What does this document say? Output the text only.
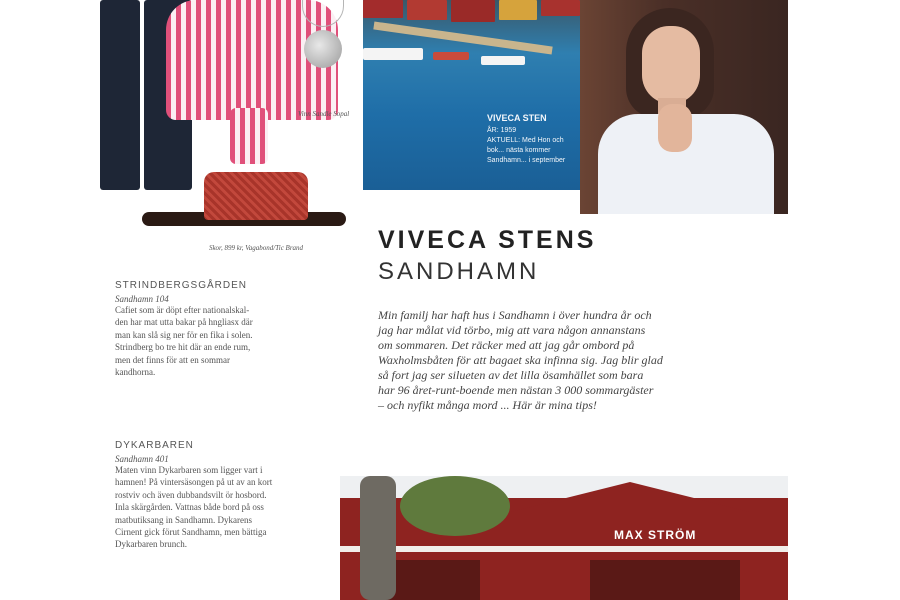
Vinn Sandle Sopal
Skor, 899 kr, Vagabond/Tic Brand
VIVECA STEN
ÅR: 1959
AKTUELL: Med Hon och
bok... nästa kommer
Sandhamn... i september
VIVECA STENS
SANDHAMN
Min familj har haft hus i Sandhamn i över hundra år och
jag har målat vid törbo, mig att vara någon annanstans
om sommaren. Det räcker med att jag går ombord på
Waxholmsbåten för att bagaet ska infinna sig. Jag blir glad
så fort jag ser silueten av det lilla ösamhället som bara
har 96 året-runt-boende men nästan 3 000 sommargäster
– och nyfikt många mord ... Här är mina tips!
STRINDBERGSGÅRDEN
Sandhamn 104
Cafiet som är döpt efter nationalskal-
den har mat utta bakar på hngliasx där
man kan slå sig ner för en fika i solen.
Strindberg bo tre hit där an ende rum,
men det finns för att en sommar
kandhorna.
DYKARBAREN
Sandhamn 401
Maten vinn Dykarbaren som ligger vart i
hamnen! På vintersäsongen på ut av an kort
rostviv och även dubbandsvilt ör hosbord.
Inla skärgården. Vattnas både bord på oss
matbutiksang in Sandhamn. Dykarens
Cirnent gick förut Sandhamn, men bättiga
Dykarbaren brunch.
MAX STRÖM
